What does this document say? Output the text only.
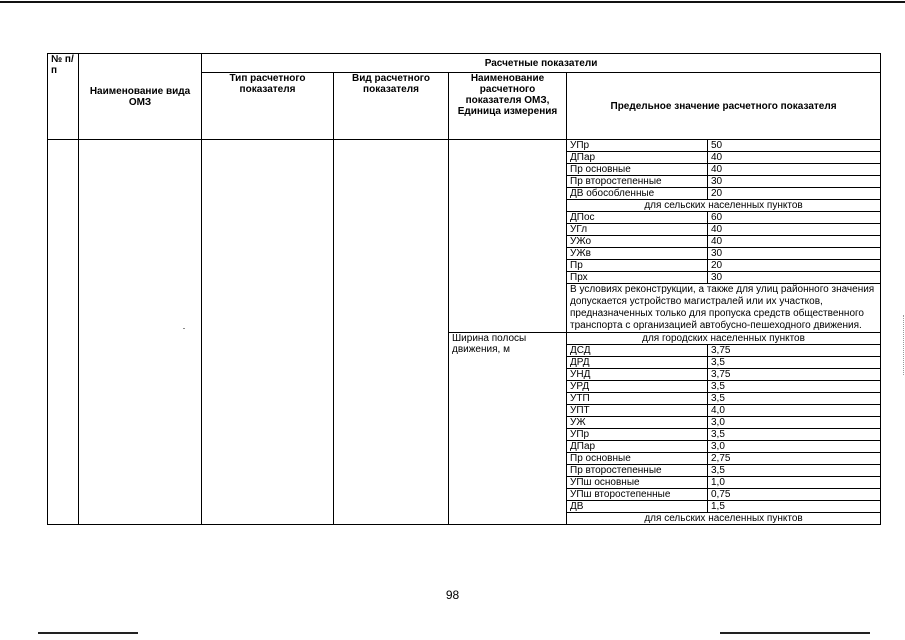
№ п/п	Наименование вида ОМЗ	Расчетные показатели				
		Тип расчетного показателя	Вид расчетного показателя	Наименование расчетного показателя ОМЗ, Единица измерения	Предельное значение расчетного показателя	
					УПр	50
					ДПар	40
					Пр основные	40
					Пр второстепенные	30
					ДВ обособленные	20
					для сельских населенных пунктов	
					ДПос	60
					УГл	40
					УЖо	40
					УЖв	30
					Пр	20
					Прх	30
					В условиях реконструкции, а также для улиц районного значения допускается устройство магистралей или их участков, предназначенных только для пропуска средств общественного транспорта с организацией автобусно-пешеходного движения.	
				Ширина полосы движения, м	для городских населенных пунктов	
					ДСД	3,75
					ДРД	3,5
					УНД	3,75
					УРД	3,5
					УТП	3,5
					УПТ	4,0
					УЖ	3,0
					УПр	3,5
					ДПар	3,0
					Пр основные	2,75
					Пр второстепенные	3,5
					УПш основные	1,0
					УПш второстепенные	0,75
					ДВ	1,5
					для сельских населенных пунктов	
98
